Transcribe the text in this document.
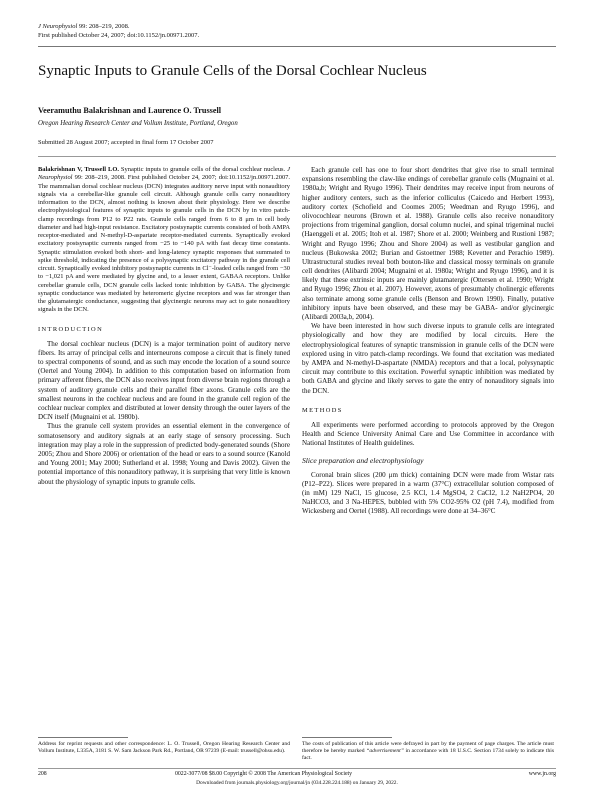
J Neurophysiol 99: 208–219, 2008.
First published October 24, 2007; doi:10.1152/jn.00971.2007.
Synaptic Inputs to Granule Cells of the Dorsal Cochlear Nucleus
Veeramuthu Balakrishnan and Laurence O. Trussell
Oregon Hearing Research Center and Vollum Institute, Portland, Oregon
Submitted 28 August 2007; accepted in final form 17 October 2007

Balakrishnan V, Trussell LO. Synaptic inputs to granule cells of the dorsal cochlear nucleus. J Neurophysiol 99: 208–219, 2008. First published October 24, 2007; doi:10.1152/jn.00971.2007. The mammalian dorsal cochlear nucleus (DCN) integrates auditory nerve input with nonauditory signals via a cerebellar-like granule cell circuit. Although granule cells carry nonauditory information to the DCN, almost nothing is known about their physiology. Here we describe electrophysiological features of synaptic inputs to granule cells in the DCN by in vitro patch-clamp recordings from P12 to P22 rats. Granule cells ranged from 6 to 8 μm in cell body diameter and had high-input resistance. Excitatory postsynaptic currents consisted of both AMPA receptor-mediated and N-methyl-D-aspartate receptor-mediated currents. Synaptically evoked excitatory postsynaptic currents ranged from −25 to −140 pA with fast decay time constants. Synaptic stimulation evoked both short- and long-latency synaptic responses that summated to spike threshold, indicating the presence of a polysynaptic excitatory pathway in the granule cell circuit. Synaptically evoked inhibitory postsynaptic currents in Cl⁻-loaded cells ranged from −30 to −1,021 pA and were mediated by glycine and, to a lesser extent, GABAA receptors. Unlike cerebellar granule cells, DCN granule cells lacked tonic inhibition by GABA. The glycinergic synaptic conductance was mediated by heteromeric glycine receptors and was far stronger than the glutamatergic conductance, suggesting that glycinergic neurons may act to gate nonauditory signals in the DCN.

INTRODUCTION

The dorsal cochlear nucleus (DCN) is a major termination point of auditory nerve fibers. Its array of principal cells and interneurons compose a circuit that is finely tuned to spectral components of sound, and as such may encode the location of a sound source (Oertel and Young 2004). In addition to this computation based on information from primary afferent fibers, the DCN also receives input from diverse brain regions through a system of auditory granule cells and their parallel fiber axons. Granule cells are the smallest neurons in the cochlear nucleus and are found in the granule cell region of the cochlear nuclear complex and distributed at lower density through the outer layers of the DCN itself (Mugnaini et al. 1980b).

Thus the granule cell system provides an essential element in the convergence of somatosensory and auditory signals at an early stage of sensory processing. Such integration may play a role in the suppression of predicted body-generated sounds (Shore 2005; Zhou and Shore 2006) or orientation of the head or ears to a sound source (Kanold and Young 2001; May 2000; Sutherland et al. 1998; Young and Davis 2002). Given the potential importance of this nonauditory pathway, it is surprising that very little is known about the physiology of synaptic inputs to granule cells.

Each granule cell has one to four short dendrites that give rise to small terminal expansions resembling the claw-like endings of cerebellar granule cells (Mugnaini et al. 1980a,b; Wright and Ryugo 1996). Their dendrites may receive input from neurons of higher auditory centers, such as the inferior colliculus (Caicedo and Herbert 1993), auditory cortex (Schofield and Coomes 2005; Weedman and Ryugo 1996), and olivocochlear neurons (Brown et al. 1988). Granule cells also receive nonauditory projections from trigeminal ganglion, dorsal column nuclei, and spinal trigeminal nuclei (Haenggeli et al. 2005; Itoh et al. 1987; Shore et al. 2000; Weinberg and Rustioni 1987; Wright and Ryugo 1996; Zhou and Shore 2004) as well as vestibular ganglion and nucleus (Bukowska 2002; Burian and Gstoettner 1988; Kevetter and Perachio 1989). Ultrastructural studies reveal both bouton-like and classical mossy terminals on granule cell dendrites (Alibardi 2004; Mugnaini et al. 1980a; Wright and Ryugo 1996), and it is likely that these extrinsic inputs are mainly glutamatergic (Ottersen et al. 1990; Wright and Ryugo 1996; Zhou et al. 2007). However, axons of presumably cholinergic efferents also terminate among some granule cells (Benson and Brown 1990). Finally, putative inhibitory inputs have been observed, and these may be GABA- and/or glycinergic (Alibardi 2003a,b, 2004).

We have been interested in how such diverse inputs to granule cells are integrated physiologically and how they are modified by local circuits. Here the electrophysiological features of synaptic transmission in granule cells of the DCN were explored using in vitro patch-clamp recordings. We found that excitation was mediated by AMPA and N-methyl-D-aspartate (NMDA) receptors and that a local, polysynaptic circuit may contribute to this excitation. Powerful synaptic inhibition was mediated by both GABA and glycine and likely serves to gate the entry of nonauditory signals into the DCN.

METHODS

All experiments were performed according to protocols approved by the Oregon Health and Science University Animal Care and Use Committee in accordance with National Institutes of Health guidelines.

Slice preparation and electrophysiology

Coronal brain slices (200 μm thick) containing DCN were made from Wistar rats (P12–P22). Slices were prepared in a warm (37°C) extracellular solution composed of (in mM) 129 NaCl, 15 glucose, 2.5 KCl, 1.4 MgSO4, 2 CaCl2, 1.2 NaH2PO4, 20 NaHCO3, and 3 Na-HEPES, bubbled with 5% CO2-95% O2 (pH 7.4), modified from Wickesberg and Oertel (1988). All recordings were done at 34–36°C

Address for reprint requests and other correspondence: L. O. Trussell, Oregon Hearing Research Center and Vollum Institute, L335A, 3181 S. W. Sam Jackson Park Rd., Portland, OR 97239 (E-mail: trussell@ohsu.edu).
The costs of publication of this article were defrayed in part by the payment of page charges. The article must therefore be hereby marked “advertisement” in accordance with 18 U.S.C. Section 1734 solely to indicate this fact.
208	0022-3077/08 $8.00 Copyright © 2008 The American Physiological Society	www.jn.org
Downloaded from journals.physiology.org/journal/jn (034.228.224.188) on January 29, 2022.
